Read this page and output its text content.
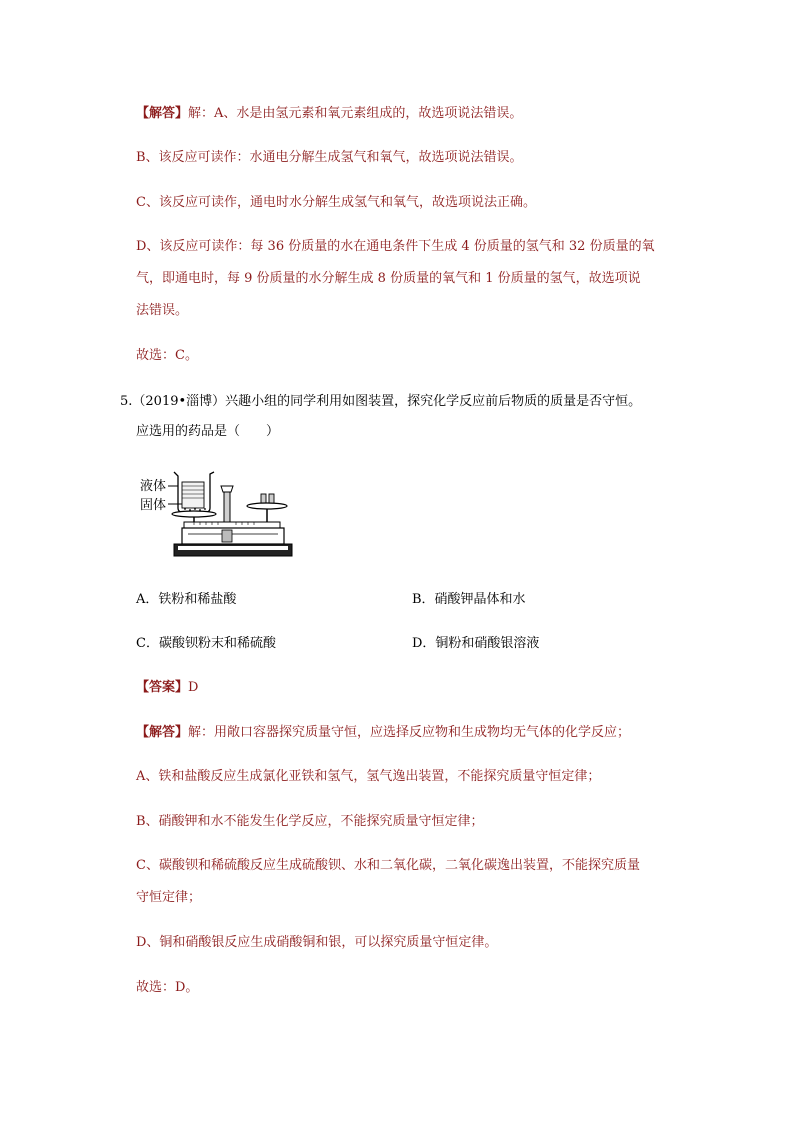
【解答】解：A、水是由氢元素和氧元素组成的，故选项说法错误。
B、该反应可读作：水通电分解生成氢气和氧气，故选项说法错误。
C、该反应可读作，通电时水分解生成氢气和氧气，故选项说法正确。
D、该反应可读作：每 36 份质量的水在通电条件下生成 4 份质量的氢气和 32 份质量的氧
气，即通电时，每 9 份质量的水分解生成 8 份质量的氧气和 1 份质量的氢气，故选项说
法错误。
故选：C。
5.（2019•淄博）兴趣小组的同学利用如图装置，探究化学反应前后物质的质量是否守恒。
应选用的药品是（　　）
液体
固体
A．铁粉和稀盐酸	B．硝酸钾晶体和水
C．碳酸钡粉末和稀硫酸	D．铜粉和硝酸银溶液
【答案】D
【解答】解：用敞口容器探究质量守恒，应选择反应物和生成物均无气体的化学反应；
A、铁和盐酸反应生成氯化亚铁和氢气，氢气逸出装置，不能探究质量守恒定律；
B、硝酸钾和水不能发生化学反应，不能探究质量守恒定律；
C、碳酸钡和稀硫酸反应生成硫酸钡、水和二氧化碳，二氧化碳逸出装置，不能探究质量
守恒定律；
D、铜和硝酸银反应生成硝酸铜和银，可以探究质量守恒定律。
故选：D。
